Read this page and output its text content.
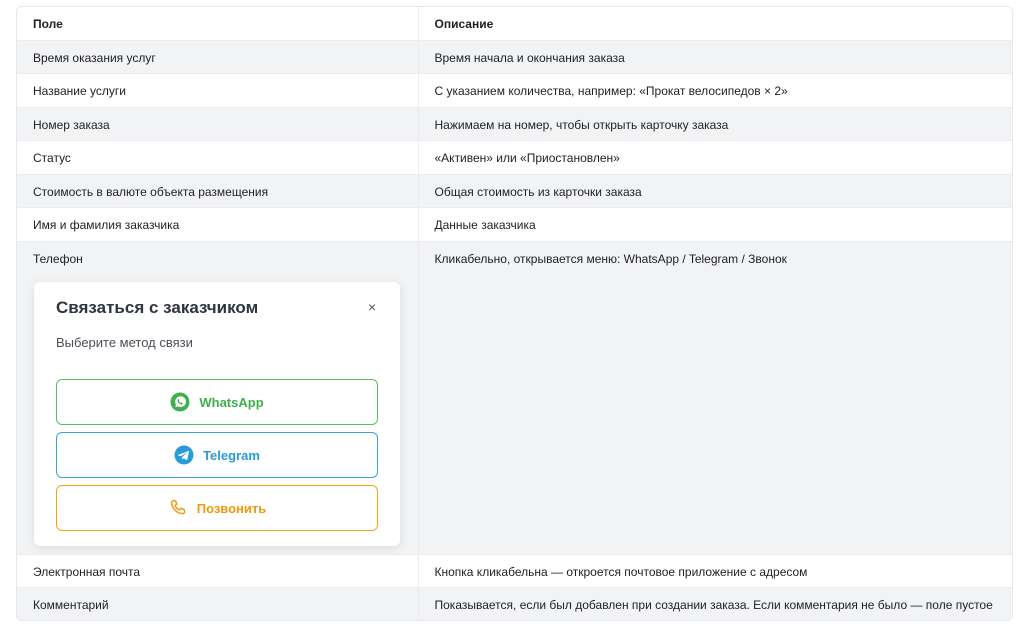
Поле	Описание
Время оказания услуг	Время начала и окончания заказа
Название услуги	С указанием количества, например: «Прокат велосипедов × 2»
Номер заказа	Нажимаем на номер, чтобы открыть карточку заказа
Статус	«Активен» или «Приостановлен»
Стоимость в валюте объекта размещения	Общая стоимость из карточки заказа
Имя и фамилия заказчика	Данные заказчика
Телефон	Кликабельно, открывается меню: WhatsApp / Telegram / Звонок
Электронная почта	Кнопка кликабельна — откроется почтовое приложение с адресом
Комментарий	Показывается, если был добавлен при создании заказа. Если комментария не было — поле пустое
Связаться с заказчиком	×
Выберите метод связи
WhatsApp
Telegram
Позвонить
